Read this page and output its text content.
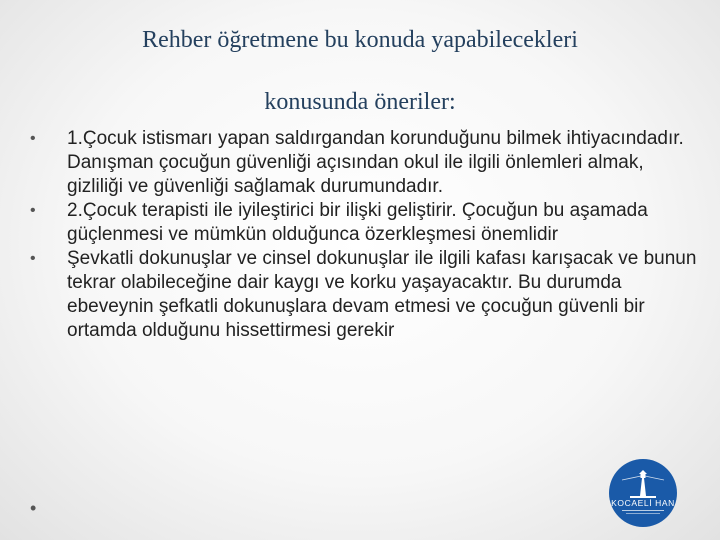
Rehber öğretmene bu konuda yapabilecekleri
konusunda öneriler:
• 1.Çocuk istismarı yapan saldırgandan korunduğunu bilmek ihtiyacındadır. Danışman çocuğun güvenliği açısından okul ile ilgili önlemleri almak, gizliliği ve güvenliği sağlamak durumundadır.
• 2.Çocuk terapisti ile iyileştirici bir ilişki geliştirir. Çocuğun bu aşamada güçlenmesi ve mümkün olduğunca özerkleşmesi önemlidir
• Şevkatli dokunuşlar ve cinsel dokunuşlar ile ilgili kafası karışacak ve bunun tekrar olabileceğine dair kaygı ve korku yaşayacaktır. Bu durumda ebeveynin şefkatli dokunuşlara devam etmesi ve çocuğun güvenli bir ortamda olduğunu hissettirmesi gerekir
•	KOCAELİ HAN
